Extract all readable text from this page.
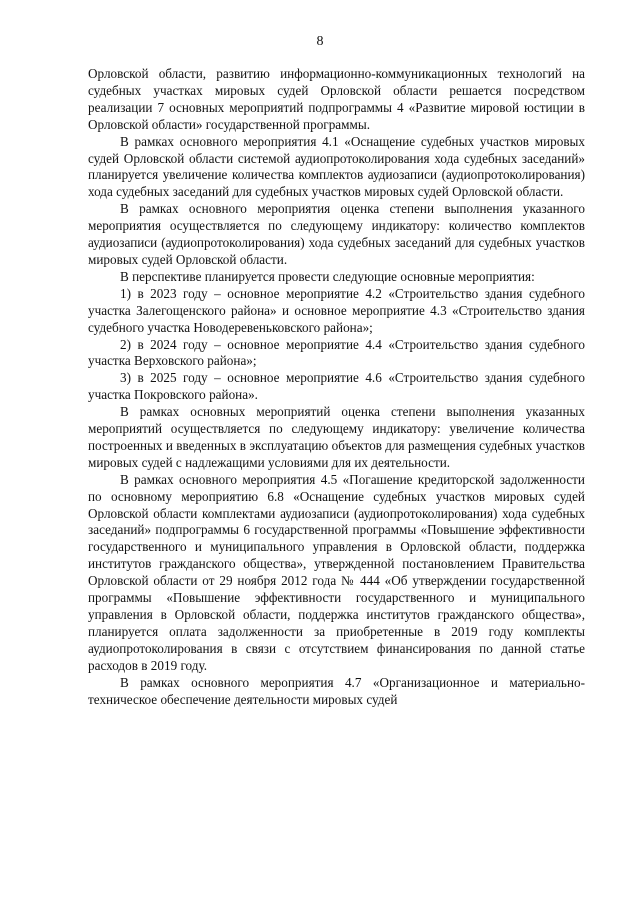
8

Орловской области, развитию информационно-коммуникационных технологий на судебных участках мировых судей Орловской области решается посредством реализации 7 основных мероприятий подпрограммы 4 «Развитие мировой юстиции в Орловской области» государственной программы.

В рамках основного мероприятия 4.1 «Оснащение судебных участков мировых судей Орловской области системой аудиопротоколирования хода судебных заседаний» планируется увеличение количества комплектов аудиозаписи (аудиопротоколирования) хода судебных заседаний для судебных участков мировых судей Орловской области.

В рамках основного мероприятия оценка степени выполнения указанного мероприятия осуществляется по следующему индикатору: количество комплектов аудиозаписи (аудиопротоколирования) хода судебных заседаний для судебных участков мировых судей Орловской области.

В перспективе планируется провести следующие основные мероприятия:

1) в 2023 году – основное мероприятие 4.2 «Строительство здания судебного участка Залегощенского района» и основное мероприятие 4.3 «Строительство здания судебного участка Новодеревеньковского района»;

2) в 2024 году – основное мероприятие 4.4 «Строительство здания судебного участка Верховского района»;

3) в 2025 году – основное мероприятие 4.6 «Строительство здания судебного участка Покровского района».

В рамках основных мероприятий оценка степени выполнения указанных мероприятий осуществляется по следующему индикатору: увеличение количества построенных и введенных в эксплуатацию объектов для размещения судебных участков мировых судей с надлежащими условиями для их деятельности.

В рамках основного мероприятия 4.5 «Погашение кредиторской задолженности по основному мероприятию 6.8 «Оснащение судебных участков мировых судей Орловской области комплектами аудиозаписи (аудиопротоколирования) хода судебных заседаний» подпрограммы 6 государственной программы «Повышение эффективности государственного и муниципального управления в Орловской области, поддержка институтов гражданского общества», утвержденной постановлением Правительства Орловской области от 29 ноября 2012 года № 444 «Об утверждении государственной программы «Повышение эффективности государственного и муниципального управления в Орловской области, поддержка институтов гражданского общества», планируется оплата задолженности за приобретенные в 2019 году комплекты аудиопротоколирования в связи с отсутствием финансирования по данной статье расходов в 2019 году.

В рамках основного мероприятия 4.7 «Организационное и материально-техническое обеспечение деятельности мировых судей
